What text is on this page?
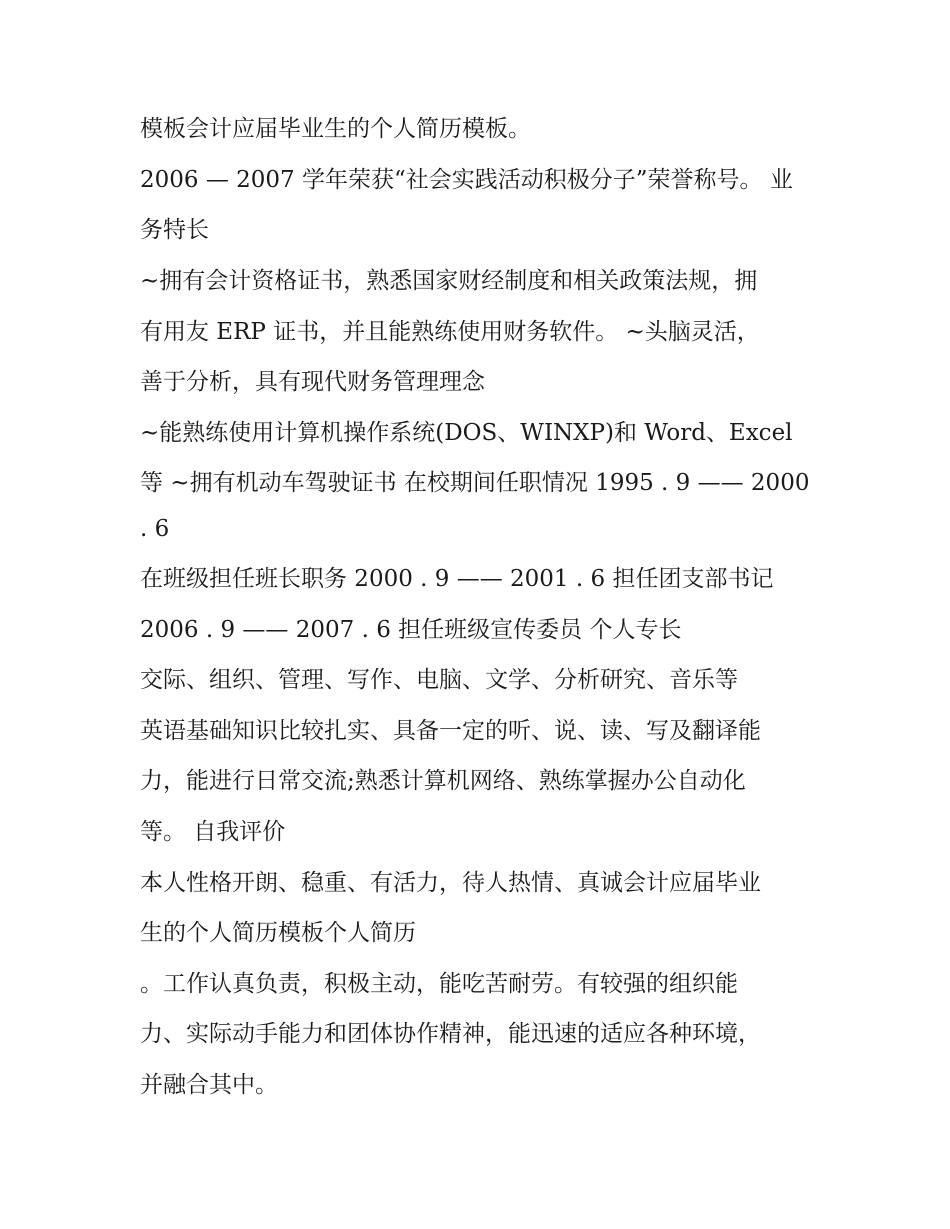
模板会计应届毕业生的个人简历模板。

2006 — 2007 学年荣获“社会实践活动积极分子”荣誉称号。 业

务特长

~拥有会计资格证书，熟悉国家财经制度和相关政策法规，拥

有用友 ERP 证书，并且能熟练使用财务软件。 ~头脑灵活，

善于分析，具有现代财务管理理念

~能熟练使用计算机操作系统(DOS、WINXP)和 Word、Excel

等 ~拥有机动车驾驶证书 在校期间任职情况 1995 . 9 —— 2000

. 6

在班级担任班长职务 2000 . 9 —— 2001 . 6 担任团支部书记

2006 . 9 —— 2007 . 6 担任班级宣传委员 个人专长

交际、组织、管理、写作、电脑、文学、分析研究、音乐等

英语基础知识比较扎实、具备一定的听、说、读、写及翻译能

力，能进行日常交流;熟悉计算机网络、熟练掌握办公自动化

等。 自我评价

本人性格开朗、稳重、有活力，待人热情、真诚会计应届毕业

生的个人简历模板个人简历

。工作认真负责，积极主动，能吃苦耐劳。有较强的组织能

力、实际动手能力和团体协作精神，能迅速的适应各种环境，

并融合其中。
